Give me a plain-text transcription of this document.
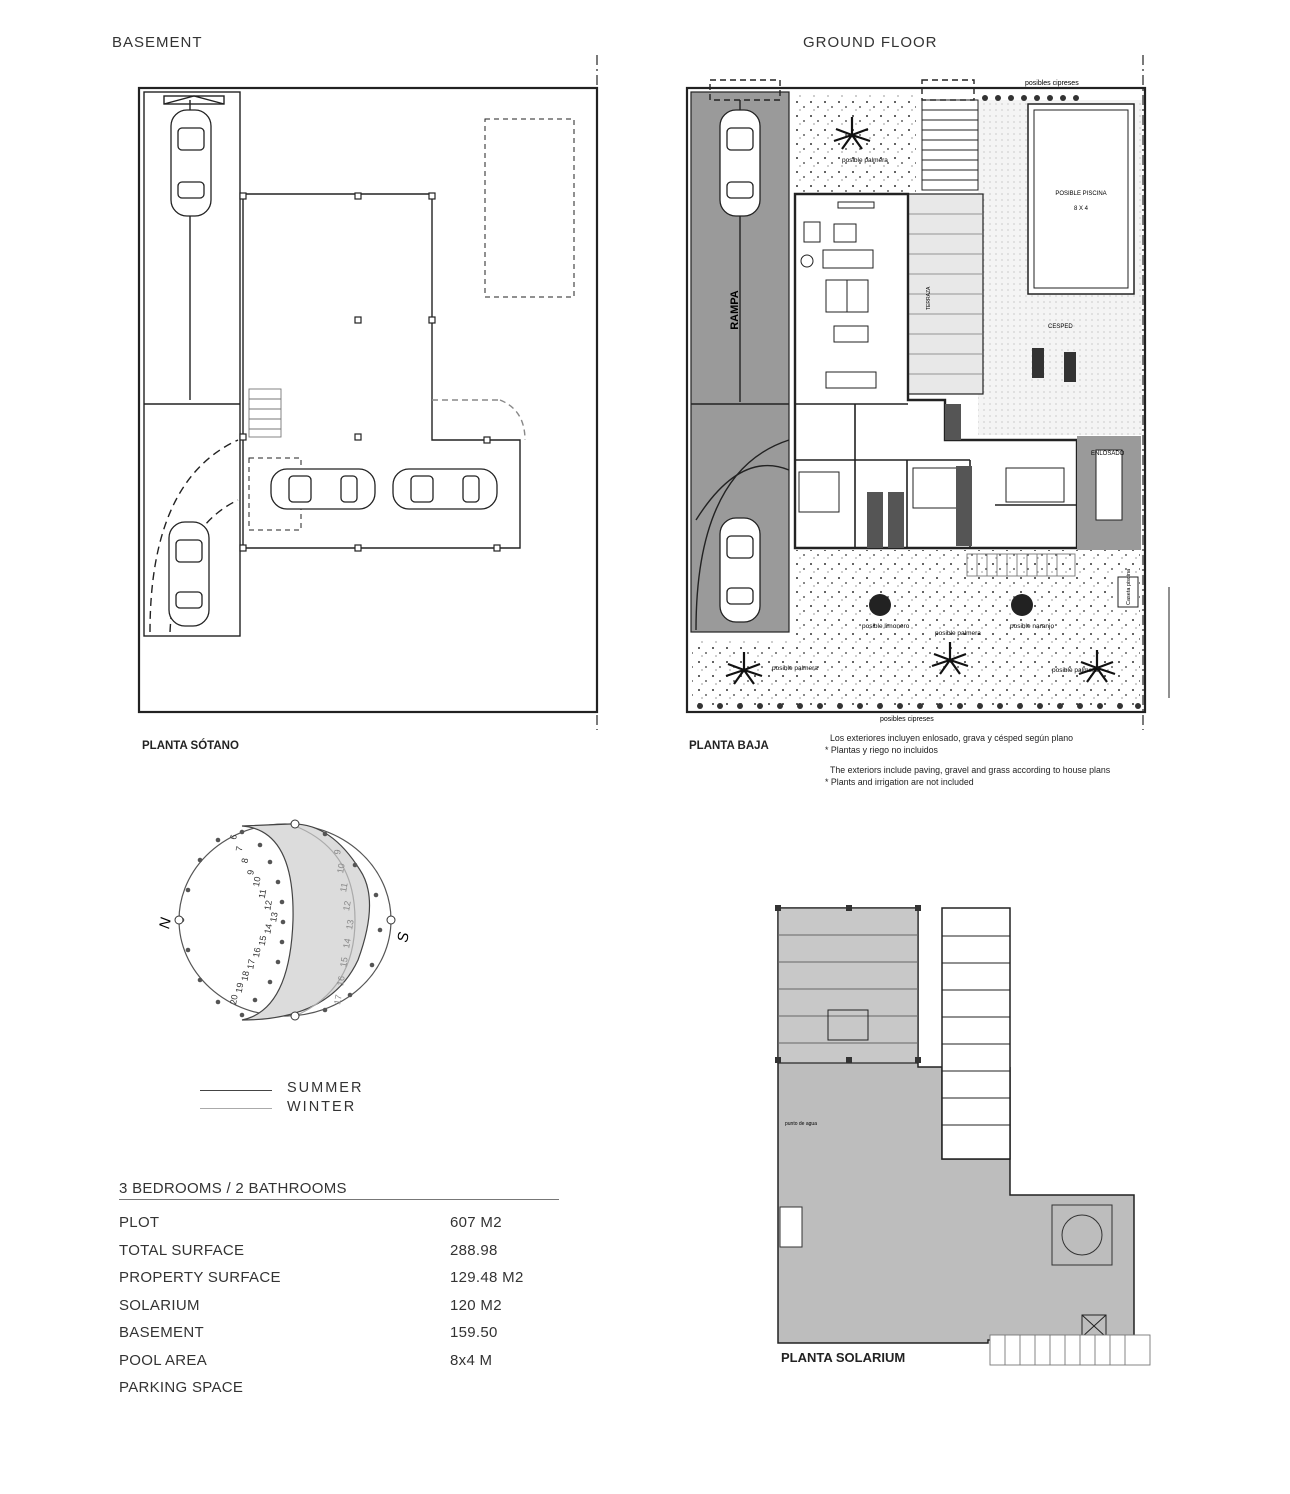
BASEMENT	GROUND FLOOR
PLANTA SÓTANO
RAMPA
posibles cipreses
posibles cipreses
posible palmera
posible palmera
posible palmera
posible palmera
POSIBLE PISCINA
8 X 4
CESPED
TERRAZA
ENLOSADO
posible limonero	posible naranjo
Caseta piscina
PLANTA BAJA
Los exteriores incluyen enlosado, grava y césped según plano
* Plantas y riego no incluidos
The exteriors include paving, gravel and grass according to house plans
* Plants and irrigation are not included
N
S
6
7
8
9
10
11
12
13
14
15
16
17
18
19
20
9
10
11
12
13
14
15
16
17
SUMMER
WINTER
3 BEDROOMS / 2 BATHROOMS
PLOT	607 M2
TOTAL SURFACE	288.98
PROPERTY SURFACE	129.48 M2
SOLARIUM	120 M2
BASEMENT	159.50
POOL AREA	8x4 M
PARKING SPACE
punto de agua
PLANTA SOLARIUM
